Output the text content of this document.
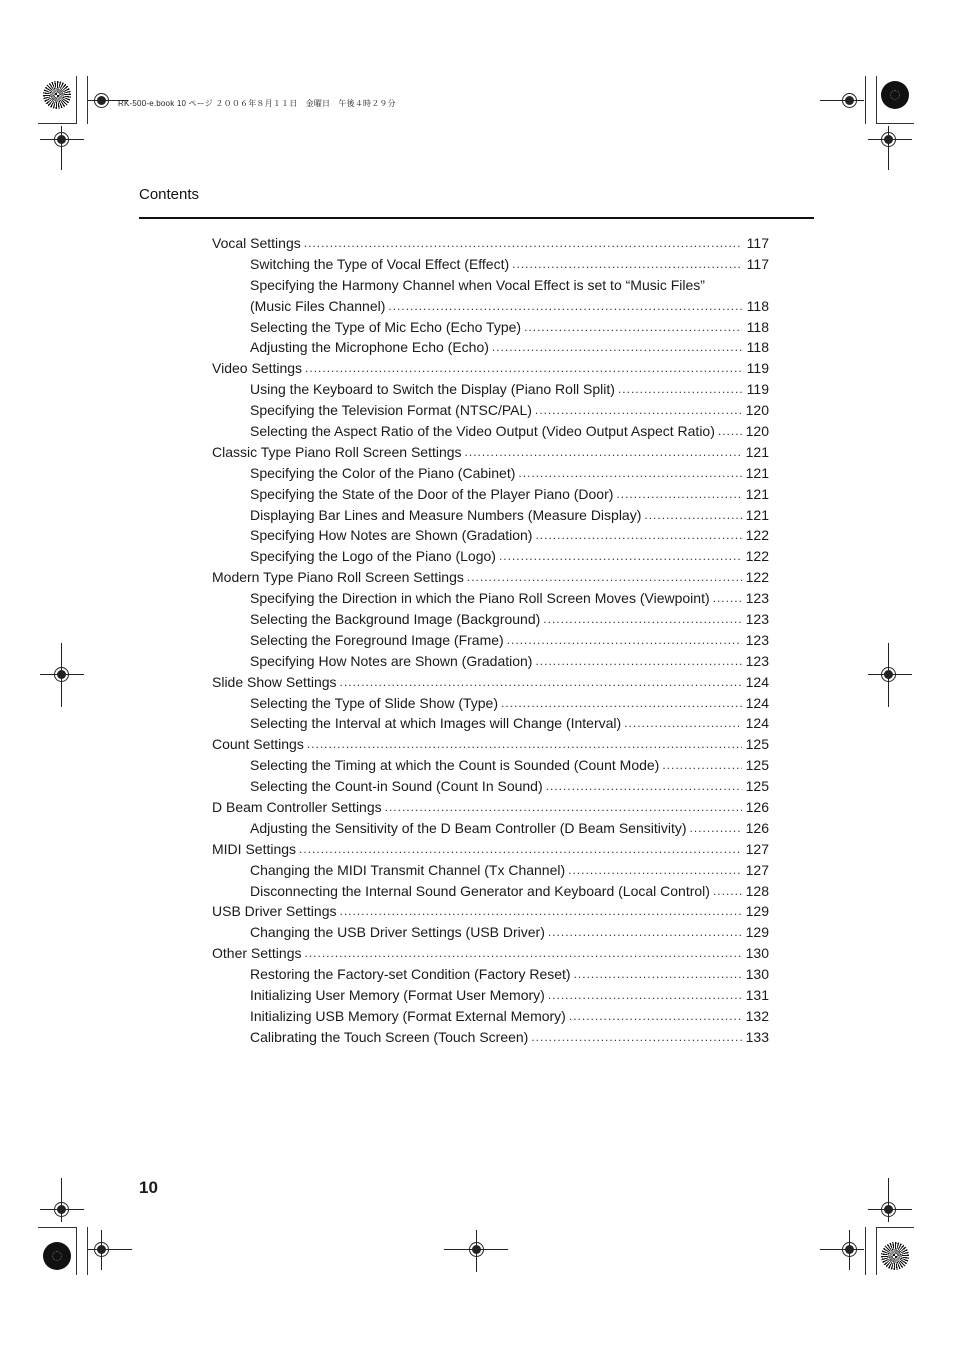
RK-500-e.book 10 ページ ２００６年８月１１日　金曜日　午後４時２９分
Contents
Vocal Settings .....	117
Switching the Type of Vocal Effect (Effect) .....	117
Specifying the Harmony Channel when Vocal Effect is set to “Music Files”
(Music Files Channel) .....	118
Selecting the Type of Mic Echo (Echo Type) .....	118
Adjusting the Microphone Echo (Echo) .....	118
Video Settings .....	119
Using the Keyboard to Switch the Display (Piano Roll Split) .....	119
Specifying the Television Format (NTSC/PAL) .....	120
Selecting the Aspect Ratio of the Video Output (Video Output Aspect Ratio) ..... 120
Classic Type Piano Roll Screen Settings .....	121
Specifying the Color of the Piano (Cabinet) .....	121
Specifying the State of the Door of the Player Piano (Door) .....	121
Displaying Bar Lines and Measure Numbers (Measure Display) .....	121
Specifying How Notes are Shown (Gradation) .....	122
Specifying the Logo of the Piano (Logo) .....	122
Modern Type Piano Roll Screen Settings .....	122
Specifying the Direction in which the Piano Roll Screen Moves (Viewpoint) .....	123
Selecting the Background Image (Background) .....	123
Selecting the Foreground Image (Frame) .....	123
Specifying How Notes are Shown (Gradation) .....	123
Slide Show Settings .....	124
Selecting the Type of Slide Show (Type) .....	124
Selecting the Interval at which Images will Change (Interval) .....	124
Count Settings .....	125
Selecting the Timing at which the Count is Sounded (Count Mode) .....	125
Selecting the Count-in Sound (Count In Sound) .....	125
D Beam Controller Settings .....	126
Adjusting the Sensitivity of the D Beam Controller (D Beam Sensitivity) .....	126
MIDI Settings .....	127
Changing the MIDI Transmit Channel (Tx Channel) .....	127
Disconnecting the Internal Sound Generator and Keyboard (Local Control) .....	128
USB Driver Settings .....	129
Changing the USB Driver Settings (USB Driver) .....	129
Other Settings .....	130
Restoring the Factory-set Condition (Factory Reset) .....	130
Initializing User Memory (Format User Memory) .....	131
Initializing USB Memory (Format External Memory) .....	132
Calibrating the Touch Screen (Touch Screen) .....	133
10
